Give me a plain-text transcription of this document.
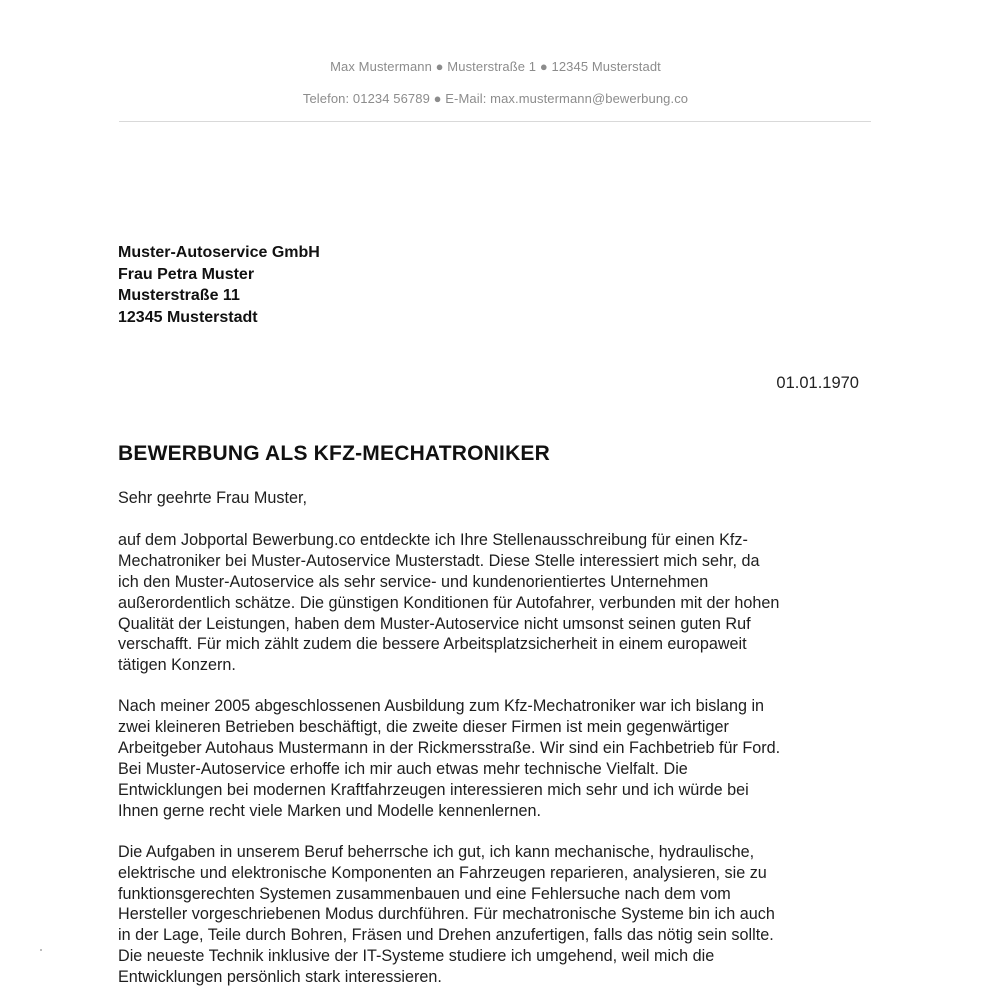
Max Mustermann ● Musterstraße 1 ● 12345 Musterstadt
Telefon: 01234 56789 ● E-Mail: max.mustermann@bewerbung.co
Muster-Autoservice GmbH
Frau Petra Muster
Musterstraße 11
12345 Musterstadt
01.01.1970
BEWERBUNG ALS KFZ-MECHATRONIKER

Sehr geehrte Frau Muster,

auf dem Jobportal Bewerbung.co entdeckte ich Ihre Stellenausschreibung für einen Kfz-
Mechatroniker bei Muster-Autoservice Musterstadt. Diese Stelle interessiert mich sehr, da
ich den Muster-Autoservice als sehr service- und kundenorientiertes Unternehmen
außerordentlich schätze. Die günstigen Konditionen für Autofahrer, verbunden mit der hohen
Qualität der Leistungen, haben dem Muster-Autoservice nicht umsonst seinen guten Ruf
verschafft. Für mich zählt zudem die bessere Arbeitsplatzsicherheit in einem europaweit
tätigen Konzern.
Nach meiner 2005 abgeschlossenen Ausbildung zum Kfz-Mechatroniker war ich bislang in
zwei kleineren Betrieben beschäftigt, die zweite dieser Firmen ist mein gegenwärtiger
Arbeitgeber Autohaus Mustermann in der Rickmersstraße. Wir sind ein Fachbetrieb für Ford.
Bei Muster-Autoservice erhoffe ich mir auch etwas mehr technische Vielfalt. Die
Entwicklungen bei modernen Kraftfahrzeugen interessieren mich sehr und ich würde bei
Ihnen gerne recht viele Marken und Modelle kennenlernen.
Die Aufgaben in unserem Beruf beherrsche ich gut, ich kann mechanische, hydraulische,
elektrische und elektronische Komponenten an Fahrzeugen reparieren, analysieren, sie zu
funktionsgerechten Systemen zusammenbauen und eine Fehlersuche nach dem vom
Hersteller vorgeschriebenen Modus durchführen. Für mechatronische Systeme bin ich auch
in der Lage, Teile durch Bohren, Fräsen und Drehen anzufertigen, falls das nötig sein sollte.
Die neueste Technik inklusive der IT-Systeme studiere ich umgehend, weil mich die
Entwicklungen persönlich stark interessieren.
